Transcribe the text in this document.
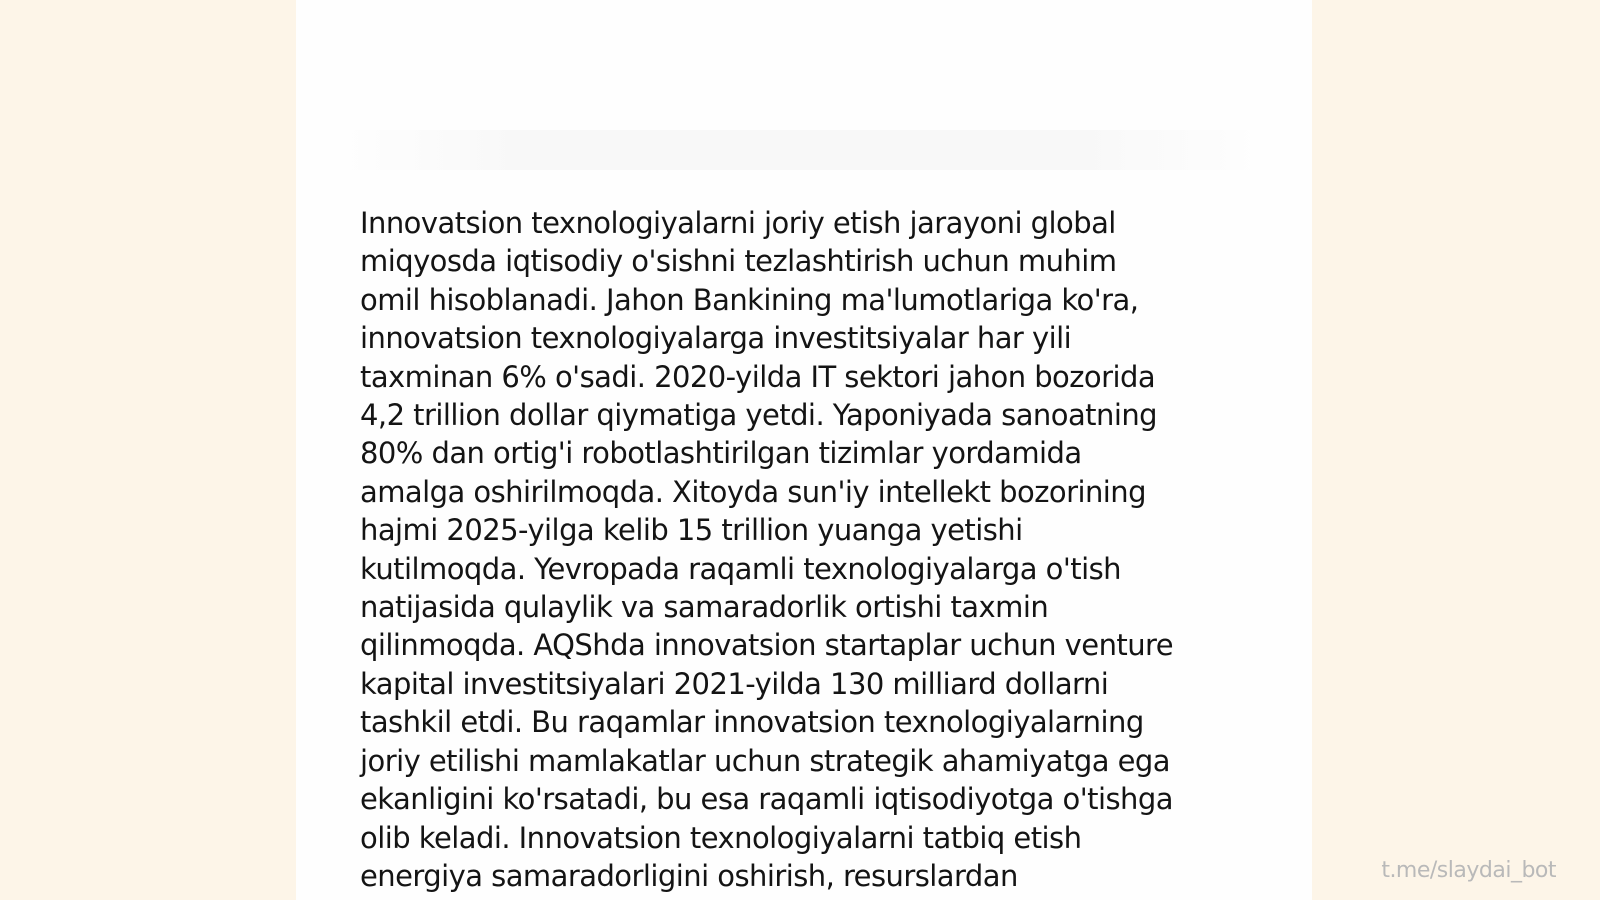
Innovatsion texnologiyalarni joriy etish jarayoni global
miqyosda iqtisodiy o'sishni tezlashtirish uchun muhim
omil hisoblanadi. Jahon Bankining ma'lumotlariga ko'ra,
innovatsion texnologiyalarga investitsiyalar har yili
taxminan 6% o'sadi. 2020-yilda IT sektori jahon bozorida
4,2 trillion dollar qiymatiga yetdi. Yaponiyada sanoatning
80% dan ortig'i robotlashtirilgan tizimlar yordamida
amalga oshirilmoqda. Xitoyda sun'iy intellekt bozorining
hajmi 2025-yilga kelib 15 trillion yuanga yetishi
kutilmoqda. Yevropada raqamli texnologiyalarga o'tish
natijasida qulaylik va samaradorlik ortishi taxmin
qilinmoqda. AQShda innovatsion startaplar uchun venture
kapital investitsiyalari 2021-yilda 130 milliard dollarni
tashkil etdi. Bu raqamlar innovatsion texnologiyalarning
joriy etilishi mamlakatlar uchun strategik ahamiyatga ega
ekanligini ko'rsatadi, bu esa raqamli iqtisodiyotga o'tishga
olib keladi. Innovatsion texnologiyalarni tatbiq etish
energiya samaradorligini oshirish, resurslardan	t.me/slaydai_bot
